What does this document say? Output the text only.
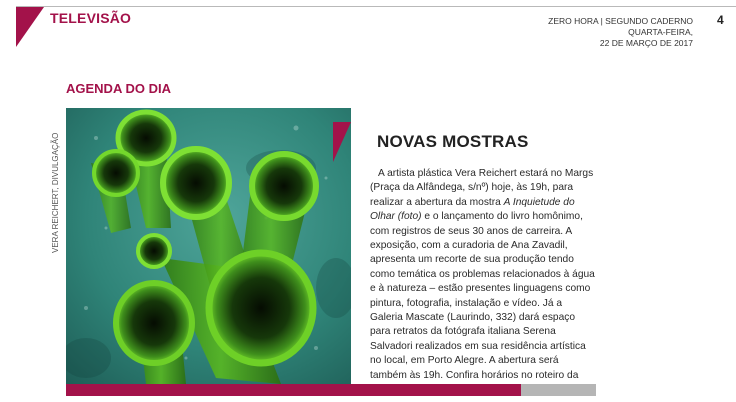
TELEVISÃO	ZERO HORA | SEGUNDO CADERNO
QUARTA-FEIRA,
22 DE MARÇO DE 2017
4
AGENDA DO DIA
VERA REICHERT, DIVULGAÇÃO	NOVAS MOSTRAS

A artista plástica Vera Reichert estará no Margs (Praça da Alfândega, s/nº) hoje, às 19h, para realizar a abertura da mostra A Inquietude do Olhar (foto) e o lançamento do livro homônimo, com registros de seus 30 anos de carreira. A exposição, com a curadoria de Ana Zavadil, apresenta um recorte de sua produção tendo como temática os problemas relacionados à água e à natureza – estão presentes linguagens como pintura, fotografia, instalação e vídeo. Já a Galeria Mascate (Laurindo, 332) dará espaço para retratos da fotógrafa italiana Serena Salvadori realizados em sua residência artística no local, em Porto Alegre. A abertura será também às 19h. Confira horários no roteiro da
